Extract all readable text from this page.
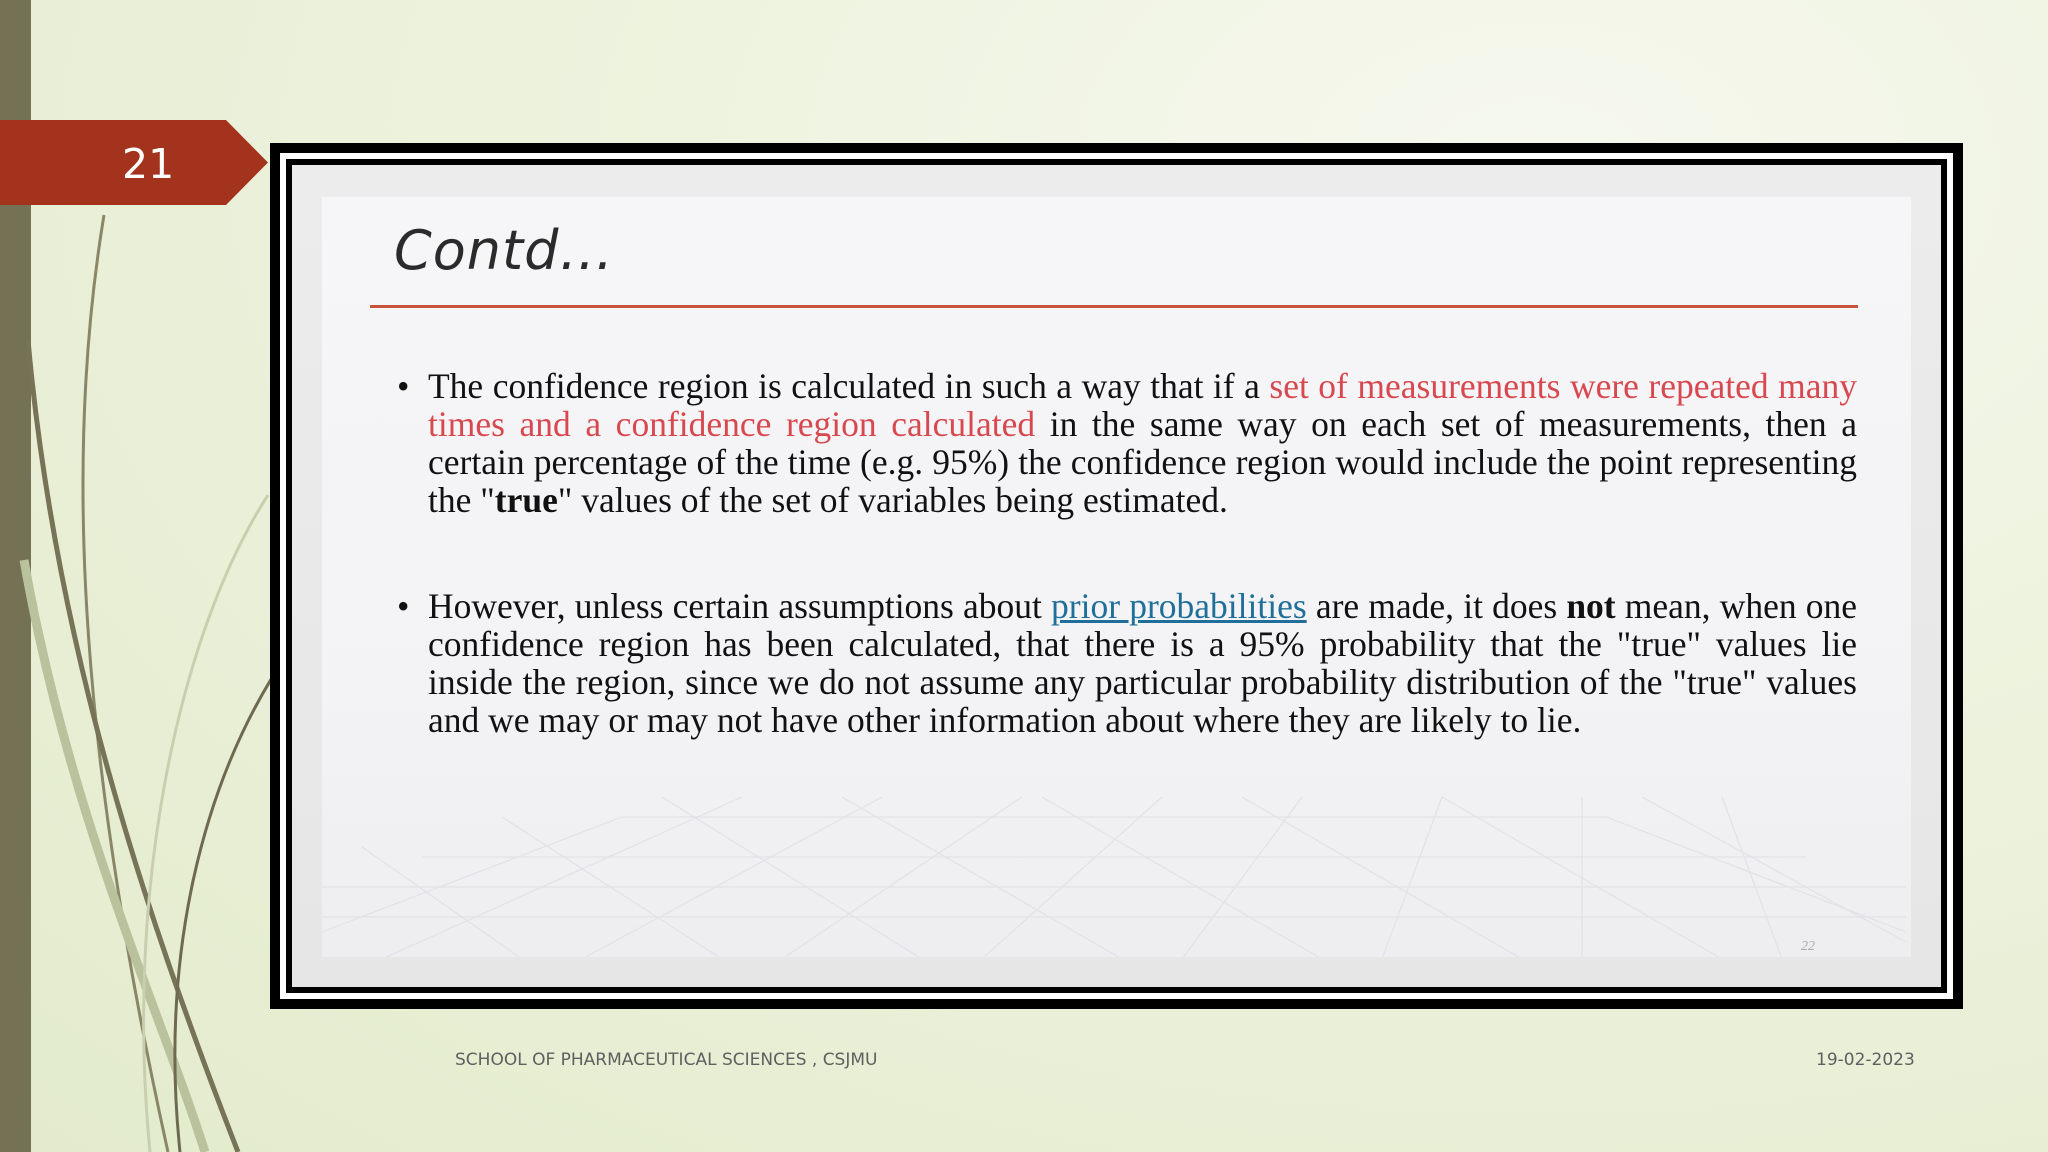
21
Contd…
• The confidence region is calculated in such a way that if a set of measurements were repeated many times and a confidence region calculated in the same way on each set of measurements, then a certain percentage of the time (e.g. 95%) the confidence region would include the point representing the "true" values of the set of variables being estimated.
• However, unless certain assumptions about prior probabilities are made, it does not mean, when one confidence region has been calculated, that there is a 95% probability that the "true" values lie inside the region, since we do not assume any particular probability distribution of the "true" values and we may or may not have other information about where they are likely to lie.
22
SCHOOL OF PHARMACEUTICAL SCIENCES , CSJMU	19-02-2023
